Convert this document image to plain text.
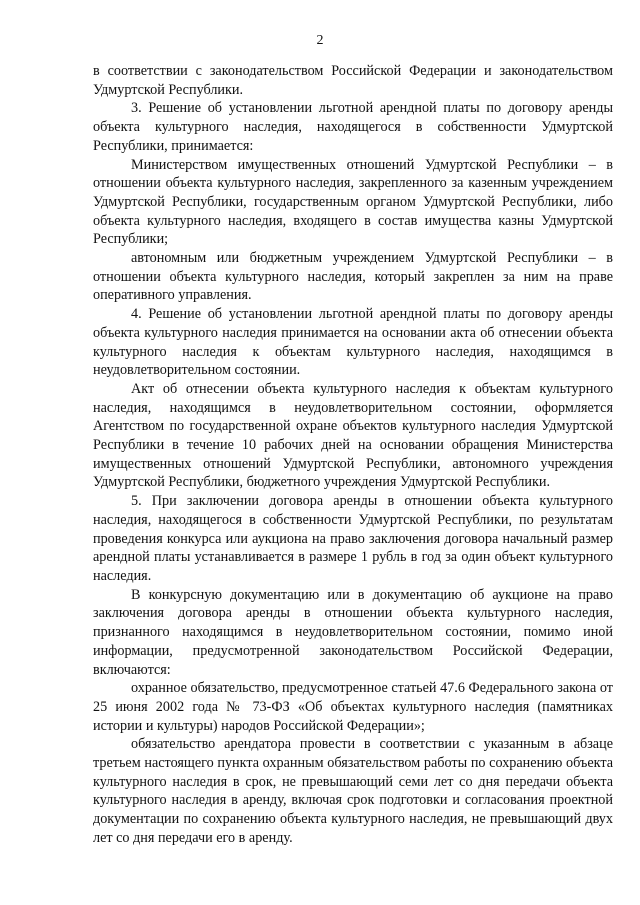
2

в соответствии с законодательством Российской Федерации и законодательством Удмуртской Республики.

3. Решение об установлении льготной арендной платы по договору аренды объекта культурного наследия, находящегося в собственности Удмуртской Республики, принимается:

Министерством имущественных отношений Удмуртской Республики – в отношении объекта культурного наследия, закрепленного за казенным учреждением Удмуртской Республики, государственным органом Удмуртской Республики, либо объекта культурного наследия, входящего в состав имущества казны Удмуртской Республики;

автономным или бюджетным учреждением Удмуртской Республики – в отношении объекта культурного наследия, который закреплен за ним на праве оперативного управления.

4. Решение об установлении льготной арендной платы по договору аренды объекта культурного наследия принимается на основании акта об отнесении объекта культурного наследия к объектам культурного наследия, находящимся в неудовлетворительном состоянии.

Акт об отнесении объекта культурного наследия к объектам культурного наследия, находящимся в неудовлетворительном состоянии, оформляется Агентством по государственной охране объектов культурного наследия Удмуртской Республики в течение 10 рабочих дней на основании обращения Министерства имущественных отношений Удмуртской Республики, автономного учреждения Удмуртской Республики, бюджетного учреждения Удмуртской Республики.

5. При заключении договора аренды в отношении объекта культурного наследия, находящегося в собственности Удмуртской Республики, по результатам проведения конкурса или аукциона на право заключения договора начальный размер арендной платы устанавливается в размере 1 рубль в год за один объект культурного наследия.

В конкурсную документацию или в документацию об аукционе на право заключения договора аренды в отношении объекта культурного наследия, признанного находящимся в неудовлетворительном состоянии, помимо иной информации, предусмотренной законодательством Российской Федерации, включаются:

охранное обязательство, предусмотренное статьей 47.6 Федерального закона от 25 июня 2002 года № 73-ФЗ «Об объектах культурного наследия (памятниках истории и культуры) народов Российской Федерации»;

обязательство арендатора провести в соответствии с указанным в абзаце третьем настоящего пункта охранным обязательством работы по сохранению объекта культурного наследия в срок, не превышающий семи лет со дня передачи объекта культурного наследия в аренду, включая срок подготовки и согласования проектной документации по сохранению объекта культурного наследия, не превышающий двух лет со дня передачи его в аренду.
